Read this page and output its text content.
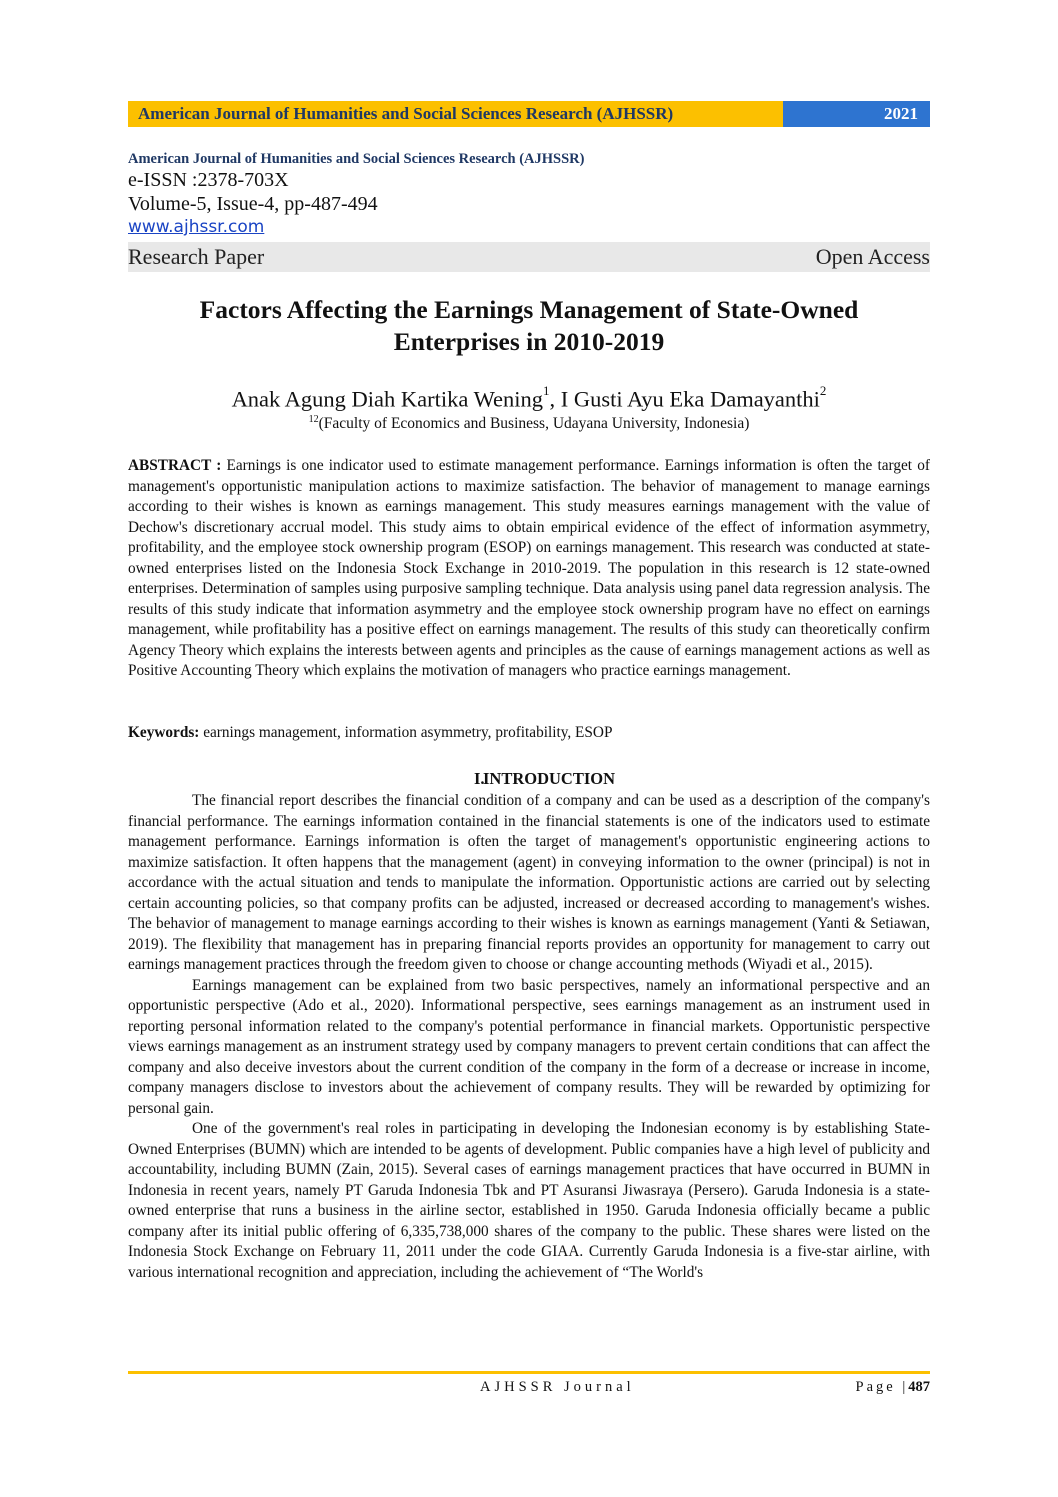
American Journal of Humanities and Social Sciences Research (AJHSSR)	2021
American Journal of Humanities and Social Sciences Research (AJHSSR)
e-ISSN :2378-703X
Volume-5, Issue-4, pp-487-494
www.ajhssr.com
Research Paper	Open Access
Factors Affecting the Earnings Management of State-Owned
Enterprises in 2010-2019
Anak Agung Diah Kartika Wening$^1$, I Gusti Ayu Eka Damayanthi$^2$
$^{12}$(Faculty of Economics and Business, Udayana University, Indonesia)
ABSTRACT : Earnings is one indicator used to estimate management performance. Earnings information is often the target of management's opportunistic manipulation actions to maximize satisfaction. The behavior of management to manage earnings according to their wishes is known as earnings management. This study measures earnings management with the value of Dechow's discretionary accrual model. This study aims to obtain empirical evidence of the effect of information asymmetry, profitability, and the employee stock ownership program (ESOP) on earnings management. This research was conducted at state-owned enterprises listed on the Indonesia Stock Exchange in 2010-2019. The population in this research is 12 state-owned enterprises. Determination of samples using purposive sampling technique. Data analysis using panel data regression analysis. The results of this study indicate that information asymmetry and the employee stock ownership program have no effect on earnings management, while profitability has a positive effect on earnings management. The results of this study can theoretically confirm Agency Theory which explains the interests between agents and principles as the cause of earnings management actions as well as Positive Accounting Theory which explains the motivation of managers who practice earnings management.
Keywords: earnings management, information asymmetry, profitability, ESOP
I.
INTRODUCTION

The financial report describes the financial condition of a company and can be used as a description of the company's financial performance. The earnings information contained in the financial statements is one of the indicators used to estimate management performance. Earnings information is often the target of management's opportunistic engineering actions to maximize satisfaction. It often happens that the management (agent) in conveying information to the owner (principal) is not in accordance with the actual situation and tends to manipulate the information. Opportunistic actions are carried out by selecting certain accounting policies, so that company profits can be adjusted, increased or decreased according to management's wishes. The behavior of management to manage earnings according to their wishes is known as earnings management (Yanti & Setiawan, 2019). The flexibility that management has in preparing financial reports provides an opportunity for management to carry out earnings management practices through the freedom given to choose or change accounting methods (Wiyadi et al., 2015).

Earnings management can be explained from two basic perspectives, namely an informational perspective and an opportunistic perspective (Ado et al., 2020). Informational perspective, sees earnings management as an instrument used in reporting personal information related to the company's potential performance in financial markets. Opportunistic perspective views earnings management as an instrument strategy used by company managers to prevent certain conditions that can affect the company and also deceive investors about the current condition of the company in the form of a decrease or increase in income, company managers disclose to investors about the achievement of company results. They will be rewarded by optimizing for personal gain.

One of the government's real roles in participating in developing the Indonesian economy is by establishing State-Owned Enterprises (BUMN) which are intended to be agents of development. Public companies have a high level of publicity and accountability, including BUMN (Zain, 2015). Several cases of earnings management practices that have occurred in BUMN in Indonesia in recent years, namely PT Garuda Indonesia Tbk and PT Asuransi Jiwasraya (Persero). Garuda Indonesia is a state-owned enterprise that runs a business in the airline sector, established in 1950. Garuda Indonesia officially became a public company after its initial public offering of 6,335,738,000 shares of the company to the public. These shares were listed on the Indonesia Stock Exchange on February 11, 2011 under the code GIAA. Currently Garuda Indonesia is a five-star airline, with various international recognition and appreciation, including the achievement of “The World's

AJHSSR Journal	Page |487
